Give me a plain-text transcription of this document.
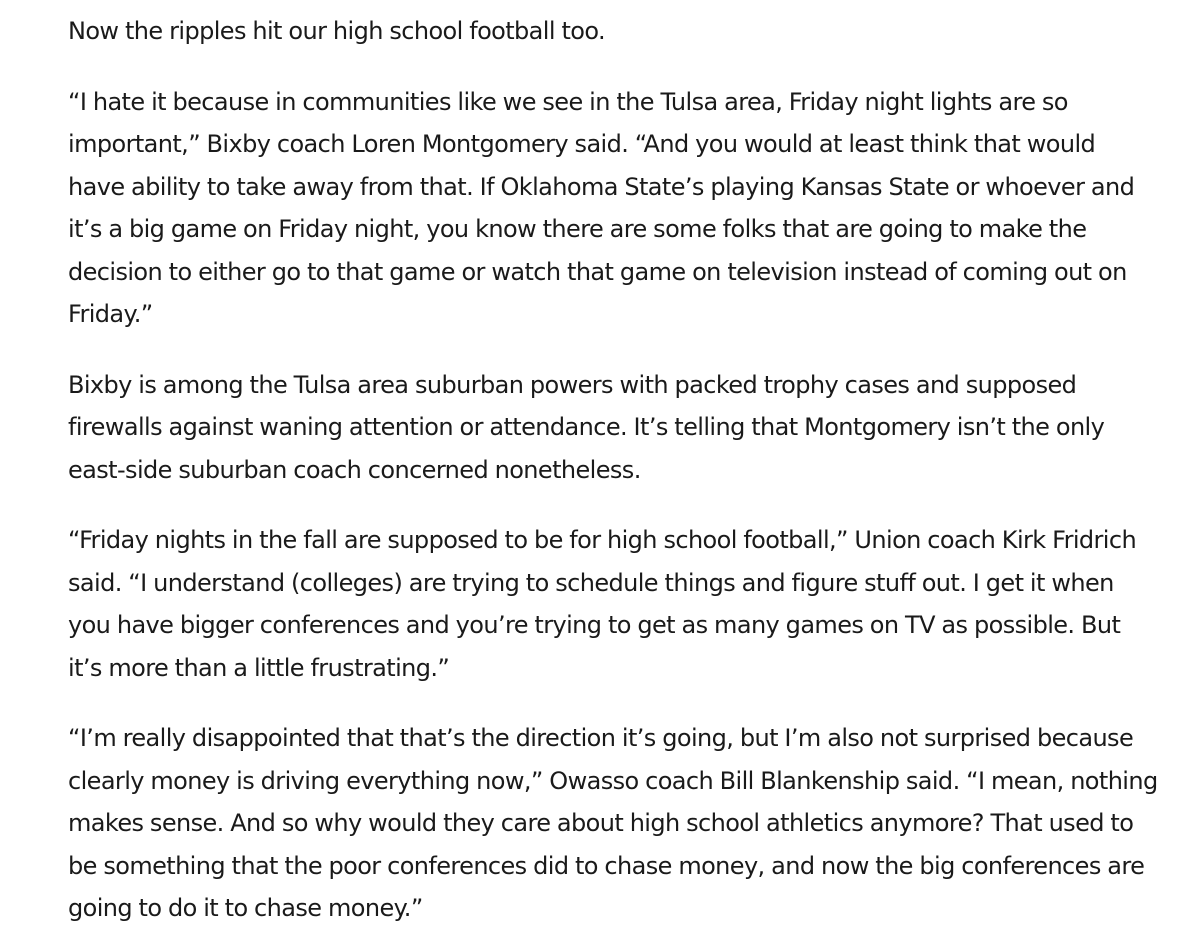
Now the ripples hit our high school football too.

“I hate it because in communities like we see in the Tulsa area, Friday night lights are so important,” Bixby coach Loren Montgomery said. “And you would at least think that would have ability to take away from that. If Oklahoma State’s playing Kansas State or whoever and it’s a big game on Friday night, you know there are some folks that are going to make the decision to either go to that game or watch that game on television instead of coming out on Friday.”

Bixby is among the Tulsa area suburban powers with packed trophy cases and supposed firewalls against waning attention or attendance. It’s telling that Montgomery isn’t the only east-side suburban coach concerned nonetheless.

“Friday nights in the fall are supposed to be for high school football,” Union coach Kirk Fridrich said. “I understand (colleges) are trying to schedule things and figure stuff out. I get it when you have bigger conferences and you’re trying to get as many games on TV as possible. But it’s more than a little frustrating.”

“I’m really disappointed that that’s the direction it’s going, but I’m also not surprised because clearly money is driving everything now,” Owasso coach Bill Blankenship said. “I mean, nothing makes sense. And so why would they care about high school athletics anymore? That used to be something that the poor conferences did to chase money, and now the big conferences are going to do it to chase money.”
